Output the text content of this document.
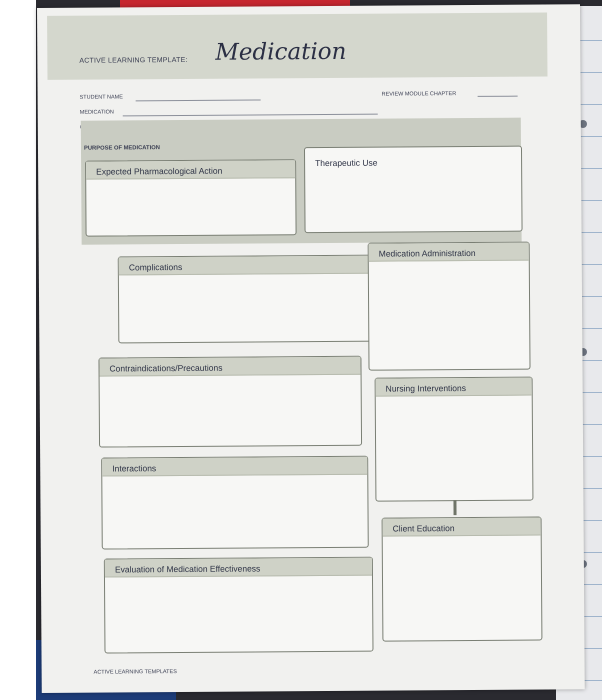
ACTIVE LEARNING TEMPLATE: Medication
STUDENT NAME	REVIEW MODULE CHAPTER
MEDICATION
PURPOSE OF MEDICATION
Expected Pharmacological Action
Therapeutic Use
Complications
Medication Administration
Contraindications/Precautions
Nursing Interventions
Interactions
Client Education
Evaluation of Medication Effectiveness
ACTIVE LEARNING TEMPLATES
